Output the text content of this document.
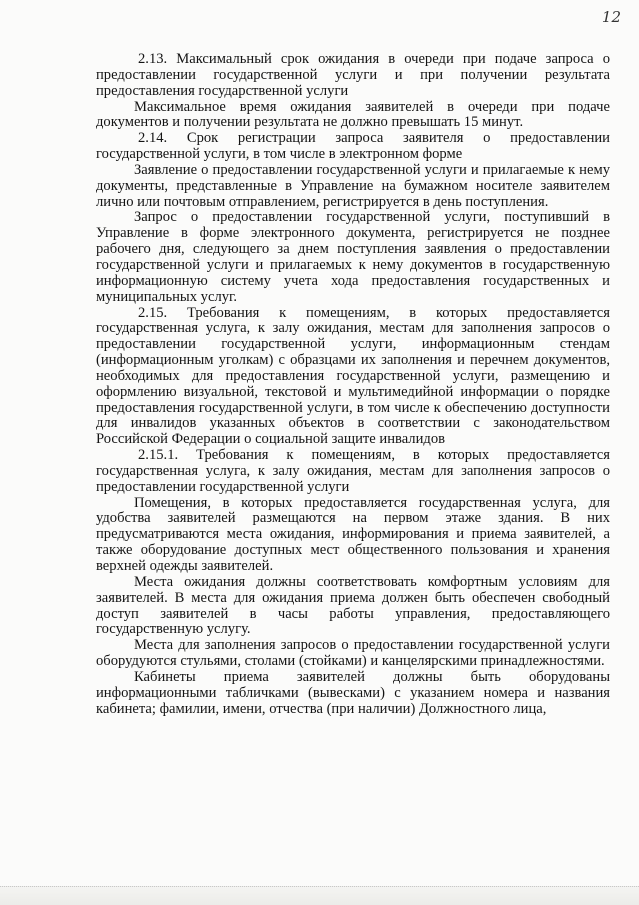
12

2.13. Максимальный срок ожидания в очереди при подаче запроса о предоставлении государственной услуги и при получении результата предоставления государственной услуги

Максимальное время ожидания заявителей в очереди при подаче документов и получении результата не должно превышать 15 минут.

2.14. Срок регистрации запроса заявителя о предоставлении государственной услуги, в том числе в электронном форме

Заявление о предоставлении государственной услуги и прилагаемые к нему документы, представленные в Управление на бумажном носителе заявителем лично или почтовым отправлением, регистрируется в день поступления.

Запрос о предоставлении государственной услуги, поступивший в Управление в форме электронного документа, регистрируется не позднее рабочего дня, следующего за днем поступления заявления о предоставлении государственной услуги и прилагаемых к нему документов в государственную информационную систему учета хода предоставления государственных и муниципальных услуг.

2.15. Требования к помещениям, в которых предоставляется государственная услуга, к залу ожидания, местам для заполнения запросов о предоставлении государственной услуги, информационным стендам (информационным уголкам) с образцами их заполнения и перечнем документов, необходимых для предоставления государственной услуги, размещению и оформлению визуальной, текстовой и мультимедийной информации о порядке предоставления государственной услуги, в том числе к обеспечению доступности для инвалидов указанных объектов в соответствии с законодательством Российской Федерации о социальной защите инвалидов

2.15.1. Требования к помещениям, в которых предоставляется государственная услуга, к залу ожидания, местам для заполнения запросов о предоставлении государственной услуги

Помещения, в которых предоставляется государственная услуга, для удобства заявителей размещаются на первом этаже здания. В них предусматриваются места ожидания, информирования и приема заявителей, а также оборудование доступных мест общественного пользования и хранения верхней одежды заявителей.

Места ожидания должны соответствовать комфортным условиям для заявителей. В места для ожидания приема должен быть обеспечен свободный доступ заявителей в часы работы управления, предоставляющего государственную услугу.

Места для заполнения запросов о предоставлении государственной услуги оборудуются стульями, столами (стойками) и канцелярскими принадлежностями.

Кабинеты приема заявителей должны быть оборудованы информационными табличками (вывесками) с указанием номера и названия кабинета; фамилии, имени, отчества (при наличии) Должностного лица,
